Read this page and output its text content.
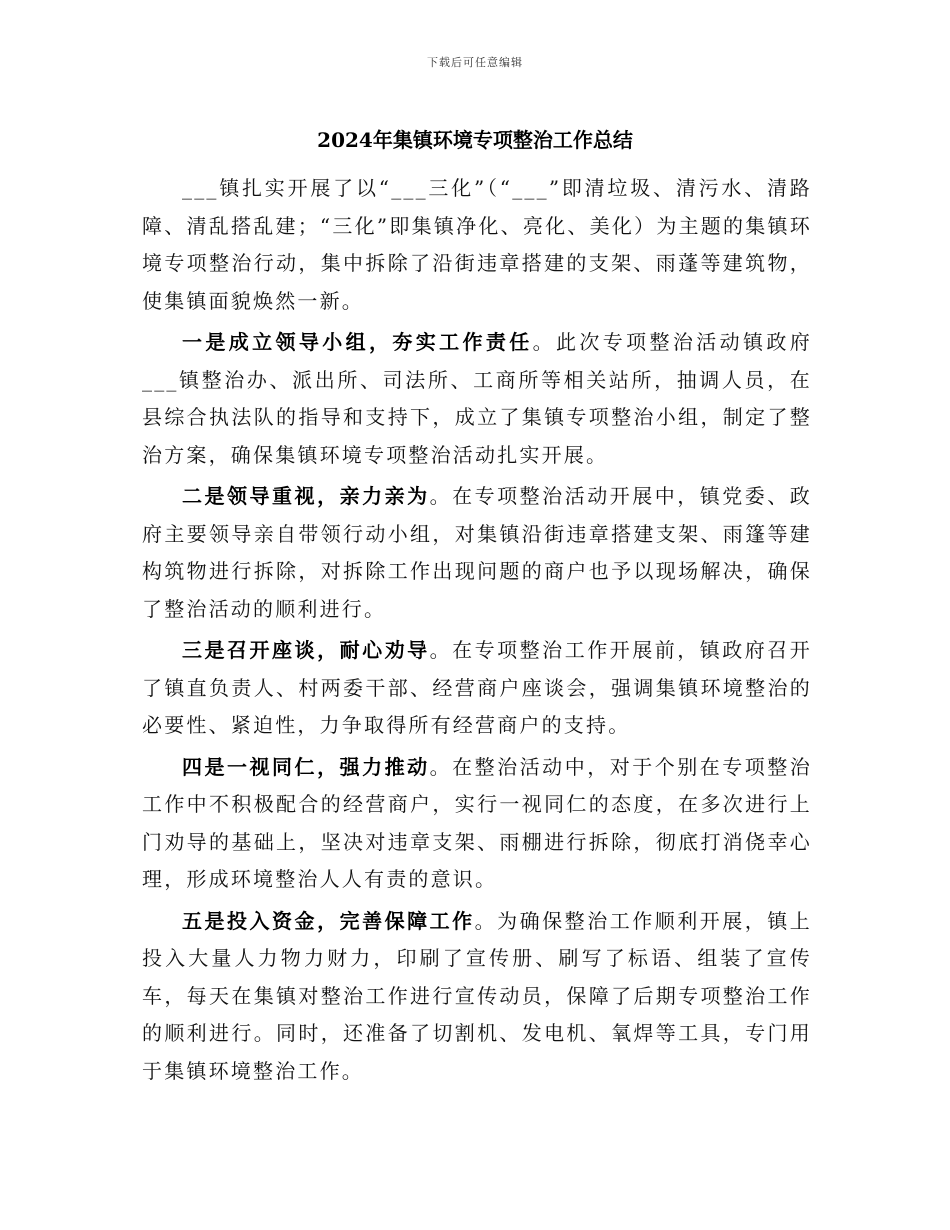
下载后可任意编辑
2024年集镇环境专项整治工作总结

___镇扎实开展了以“___三化”（“___”即清垃圾、清污水、清路障、清乱搭乱建；“三化”即集镇净化、亮化、美化）为主题的集镇环境专项整治行动，集中拆除了沿街违章搭建的支架、雨蓬等建筑物，使集镇面貌焕然一新。

一是成立领导小组，夯实工作责任。此次专项整治活动镇政府___镇整治办、派出所、司法所、工商所等相关站所，抽调人员，在县综合执法队的指导和支持下，成立了集镇专项整治小组，制定了整治方案，确保集镇环境专项整治活动扎实开展。

二是领导重视，亲力亲为。在专项整治活动开展中，镇党委、政府主要领导亲自带领行动小组，对集镇沿街违章搭建支架、雨篷等建构筑物进行拆除，对拆除工作出现问题的商户也予以现场解决，确保了整治活动的顺利进行。

三是召开座谈，耐心劝导。在专项整治工作开展前，镇政府召开了镇直负责人、村两委干部、经营商户座谈会，强调集镇环境整治的必要性、紧迫性，力争取得所有经营商户的支持。

四是一视同仁，强力推动。在整治活动中，对于个别在专项整治工作中不积极配合的经营商户，实行一视同仁的态度，在多次进行上门劝导的基础上，坚决对违章支架、雨棚进行拆除，彻底打消侥幸心理，形成环境整治人人有责的意识。

五是投入资金，完善保障工作。为确保整治工作顺利开展，镇上投入大量人力物力财力，印刷了宣传册、刷写了标语、组装了宣传车，每天在集镇对整治工作进行宣传动员，保障了后期专项整治工作的顺利进行。同时，还准备了切割机、发电机、氧焊等工具，专门用于集镇环境整治工作。
